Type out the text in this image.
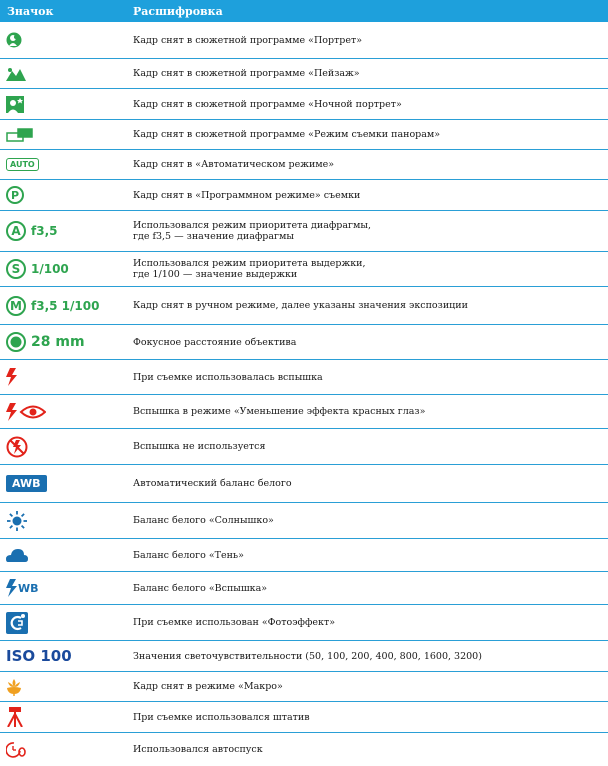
Значок	Расшифровка
Кадр снят в сюжетной программе «Портрет»
Кадр снят в сюжетной программе «Пейзаж»
Кадр снят в сюжетной программе «Ночной портрет»
Кадр снят в сюжетной программе «Режим съемки панорам»
AUTO	Кадр снят в «Автоматическом режиме»
P	Кадр снят в «Программном режиме» съемки
A f3,5	Использовался режим приоритета диафрагмы,
где f3,5 — значение диафрагмы
S 1/100	Использовался режим приоритета выдержки,
где 1/100 — значение выдержки
M f3,5 1/100	Кадр снят в ручном режиме, далее указаны значения экспозиции
28 mm	Фокусное расстояние объектива
При съемке использовалась вспышка
Вспышка в режиме «Уменьшение эффекта красных глаз»
Вспышка не используется
AWB	Автоматический баланс белого
Баланс белого «Солнышко»
Баланс белого «Тень»
WB	Баланс белого «Вспышка»
При съемке использован «Фотоэффект»
ISO 100	Значения светочувствительности (50, 100, 200, 400, 800, 1600, 3200)
Кадр снят в режиме «Макро»
При съемке использовался штатив
Использовался автоспуск
